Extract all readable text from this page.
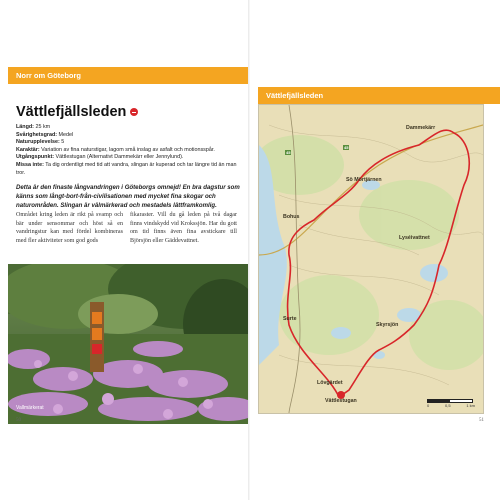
Norr om Göteborg
Vättlefjällsleden
Längd: 25 km
Svårighetsgrad: Medel
Naturupplevelse: 5
Karaktär: Variation av fina naturstigar, lagom små inslag av asfalt och motionsspår.
Utgångspunkt: Vättlestugan (Alternativt Dammekärr eller Jennylund).
Missa inte: Ta dig ordentligt med tid att vandra, slingan är kuperad och tar längre tid än man tror.
Detta är den finaste långvandringen i Göteborgs omnejd! En bra dagstur som känns som långt-bort-från-civilisationen med mycket fina skogar och naturområden. Slingan är välmärkerad och mestadels lättframkomlig.

Området kring leden är rikt på svamp och bär under sensommar och höst så en vandringstur kan med fördel kombineras med fler aktiviteter som god gods

fikaraster. Vill du gå leden på två dagar finns vindskydd vid Krokssjön. Har du gott om tid finns även fina avstickare till Björsjön eller Gäddevattnet.

Vallmärkerat
50
Vättlefjällsleden
Dammekärr
Sö Mörtjärnen
Bohus
Lyséivattnet
Surte
Skyrsjön
Lövgärdet
Vättlestugan
45
45
0	0,5	1 km
51
